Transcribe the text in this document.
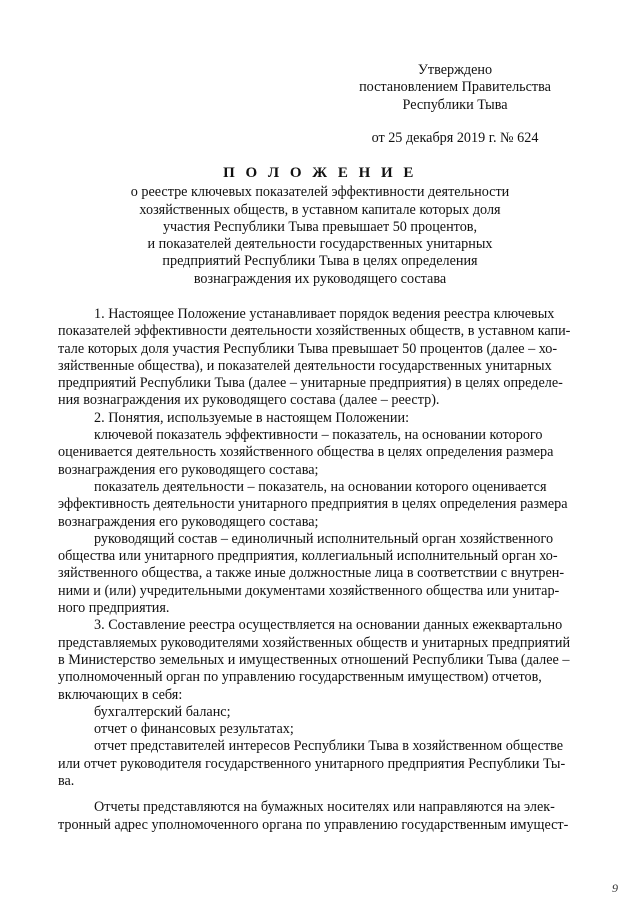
Утверждено
постановлением Правительства
Республики Тыва
от 25 декабря 2019 г. № 624
П О Л О Ж Е Н И Е
о реестре ключевых показателей эффективности деятельности
хозяйственных обществ, в уставном капитале которых доля
участия Республики Тыва превышает 50 процентов,
и показателей деятельности государственных унитарных
предприятий Республики Тыва в целях определения
вознаграждения их руководящего состава

1. Настоящее Положение устанавливает порядок ведения реестра ключевых
показателей эффективности деятельности хозяйственных обществ, в уставном капи-
тале которых доля участия Республики Тыва превышает 50 процентов (далее – хо-
зяйственные общества), и показателей деятельности государственных унитарных
предприятий Республики Тыва (далее – унитарные предприятия) в целях определе-
ния вознаграждения их руководящего состава (далее – реестр).

2. Понятия, используемые в настоящем Положении:

ключевой показатель эффективности – показатель, на основании которого
оценивается деятельность хозяйственного общества в целях определения размера
вознаграждения его руководящего состава;

показатель деятельности – показатель, на основании которого оценивается
эффективность деятельности унитарного предприятия в целях определения размера
вознаграждения его руководящего состава;

руководящий состав – единоличный исполнительный орган хозяйственного
общества или унитарного предприятия, коллегиальный исполнительный орган хо-
зяйственного общества, а также иные должностные лица в соответствии с внутрен-
ними и (или) учредительными документами хозяйственного общества или унитар-
ного предприятия.

3. Составление реестра осуществляется на основании данных ежеквартально
представляемых руководителями хозяйственных обществ и унитарных предприятий
в Министерство земельных и имущественных отношений Республики Тыва (далее –
уполномоченный орган по управлению государственным имуществом) отчетов,
включающих в себя:

бухгалтерский баланс;

отчет о финансовых результатах;

отчет представителей интересов Республики Тыва в хозяйственном обществе
или отчет руководителя государственного унитарного предприятия Республики Ты-
ва.

Отчеты представляются на бумажных носителях или направляются на элек-
тронный адрес уполномоченного органа по управлению государственным имущест-

9
